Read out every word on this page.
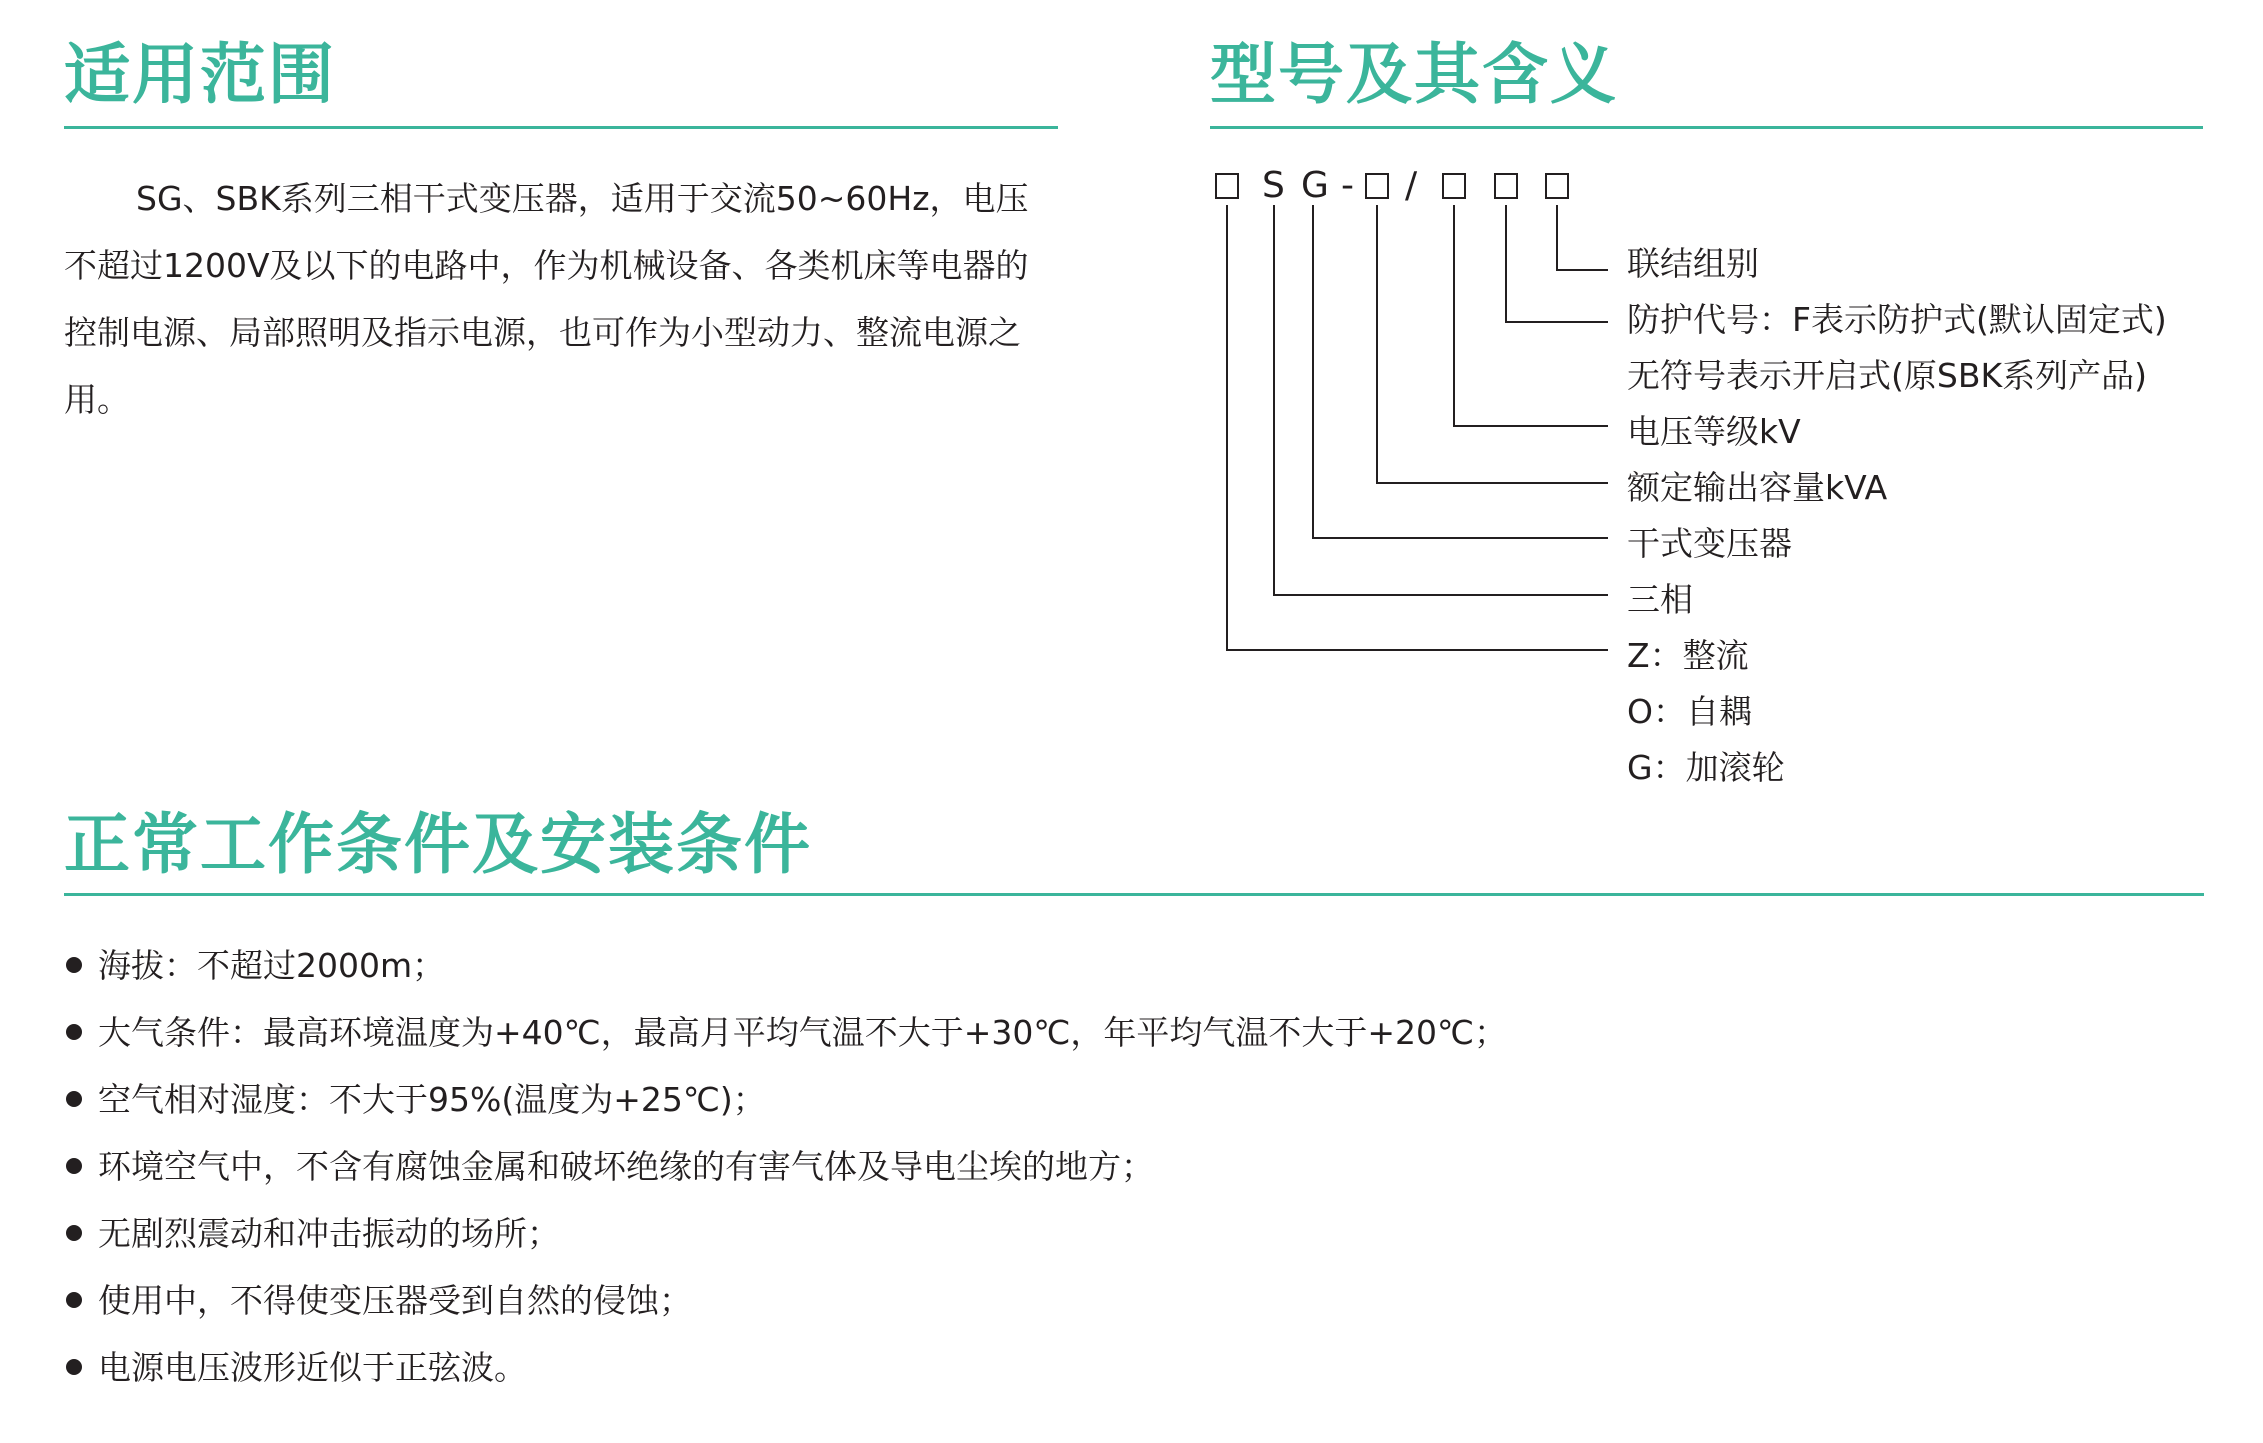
适用范围
SG、SBK系列三相干式变压器，适用于交流50~60Hz，电压不超过1200V及以下的电路中，作为机械设备、各类机床等电器的控制电源、局部照明及指示电源，也可作为小型动力、整流电源之用。
型号及其含义
S G - /
联结组别
防护代号：F表示防护式(默认固定式)
无符号表示开启式(原SBK系列产品)
电压等级kV
额定输出容量kVA
干式变压器
三相
Z：整流
O：自耦
G：加滚轮
正常工作条件及安装条件
海拔：不超过2000m；
大气条件：最高环境温度为+40℃，最高月平均气温不大于+30℃，年平均气温不大于+20℃；
空气相对湿度：不大于95%(温度为+25℃)；
环境空气中，不含有腐蚀金属和破坏绝缘的有害气体及导电尘埃的地方；
无剧烈震动和冲击振动的场所；
使用中，不得使变压器受到自然的侵蚀；
电源电压波形近似于正弦波。
